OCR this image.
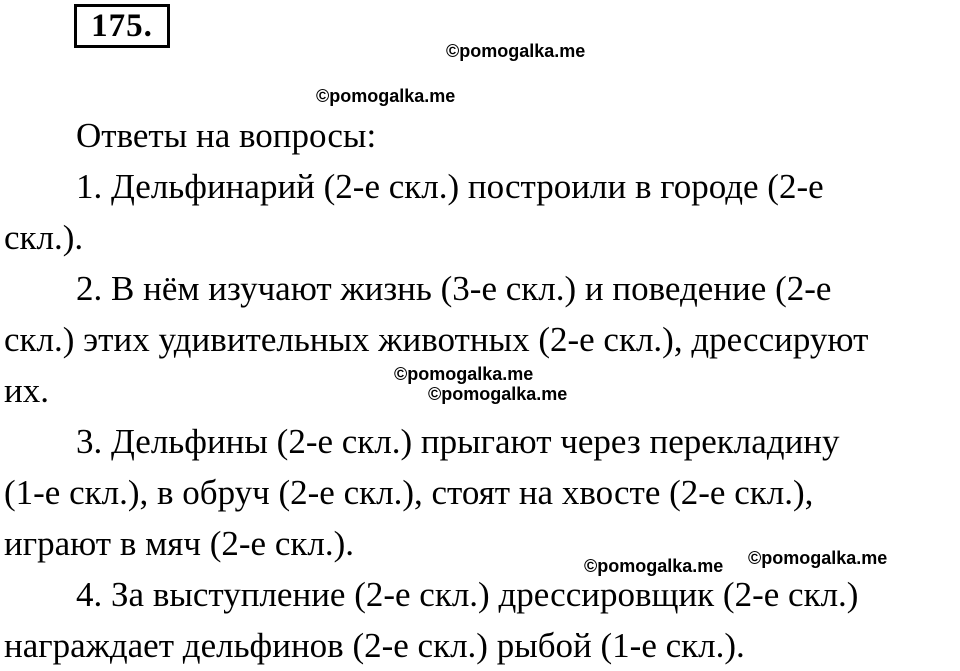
175.
©pomogalka.me
©pomogalka.me
Ответы на вопросы:
1. Дельфинарий (2-е скл.) построили в городе (2-е
скл.).
2. В нём изучают жизнь (3-е скл.) и поведение (2-е
скл.) этих удивительных животных (2-е скл.), дрессируют
их.
3. Дельфины (2-е скл.) прыгают через перекладину
(1-е скл.), в обруч (2-е скл.), стоят на хвосте (2-е скл.),
играют в мяч (2-е скл.).
4. За выступление (2-е скл.) дрессировщик (2-е скл.)
награждает дельфинов (2-е скл.) рыбой (1-е скл.).
©pomogalka.me
©pomogalka.me
©pomogalka.me ©pomogalka.me
